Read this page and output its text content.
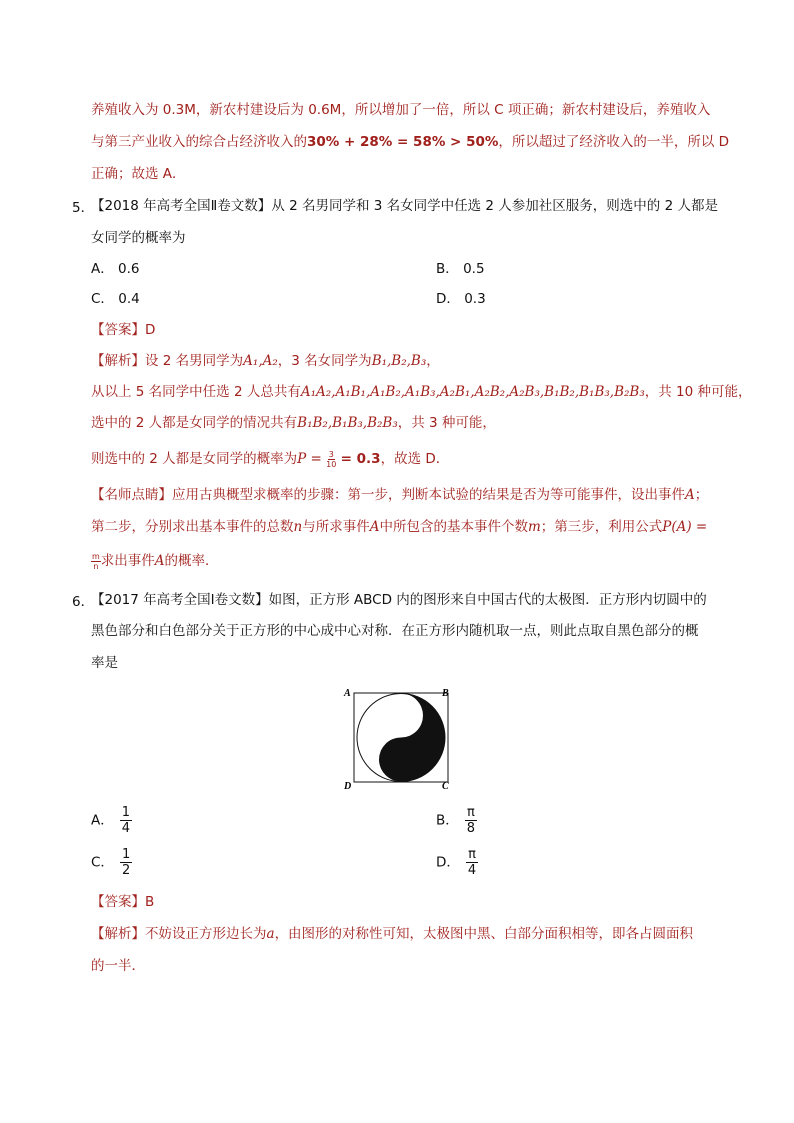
养殖收入为 0.3M，新农村建设后为 0.6M，所以增加了一倍，所以 C 项正确；新农村建设后，养殖收入
与第三产业收入的综合占经济收入的30% + 28% = 58% > 50%，所以超过了经济收入的一半，所以 D
正确；故选 A．
5．
【2018 年高考全国Ⅱ卷文数】从 2 名男同学和 3 名女同学中任选 2 人参加社区服务，则选中的 2 人都是
女同学的概率为
A． 0.6	B． 0.5
C． 0.4	D． 0.3
【答案】D
【解析】设 2 名男同学为A₁,A₂，3 名女同学为B₁,B₂,B₃，
从以上 5 名同学中任选 2 人总共有A₁A₂,A₁B₁,A₁B₂,A₁B₃,A₂B₁,A₂B₂,A₂B₃,B₁B₂,B₁B₃,B₂B₃，共 10 种可能，
选中的 2 人都是女同学的情况共有B₁B₂,B₁B₃,B₂B₃，共 3 种可能，
则选中的 2 人都是女同学的概率为$P = \frac{3}{10} = 0.3$，故选 D．
【名师点睛】应用古典概型求概率的步骤：第一步，判断本试验的结果是否为等可能事件，设出事件A；
第二步，分别求出基本事件的总数n与所求事件A中所包含的基本事件个数m；第三步，利用公式P(A) =
$\frac{m}{n}$ 求出事件A的概率．
6．
【2017 年高考全国Ⅰ卷文数】如图，正方形 ABCD 内的图形来自中国古代的太极图．正方形内切圆中的
黑色部分和白色部分关于正方形的中心成中心对称．在正方形内随机取一点，则此点取自黑色部分的概
率是
A	B
C
D
A． $\frac{1}{4}$	B． $\frac{\pi}{8}$
C． $\frac{1}{2}$	D． $\frac{\pi}{4}$
【答案】B
【解析】不妨设正方形边长为a，由图形的对称性可知，太极图中黑、白部分面积相等，即各占圆面积
的一半．
